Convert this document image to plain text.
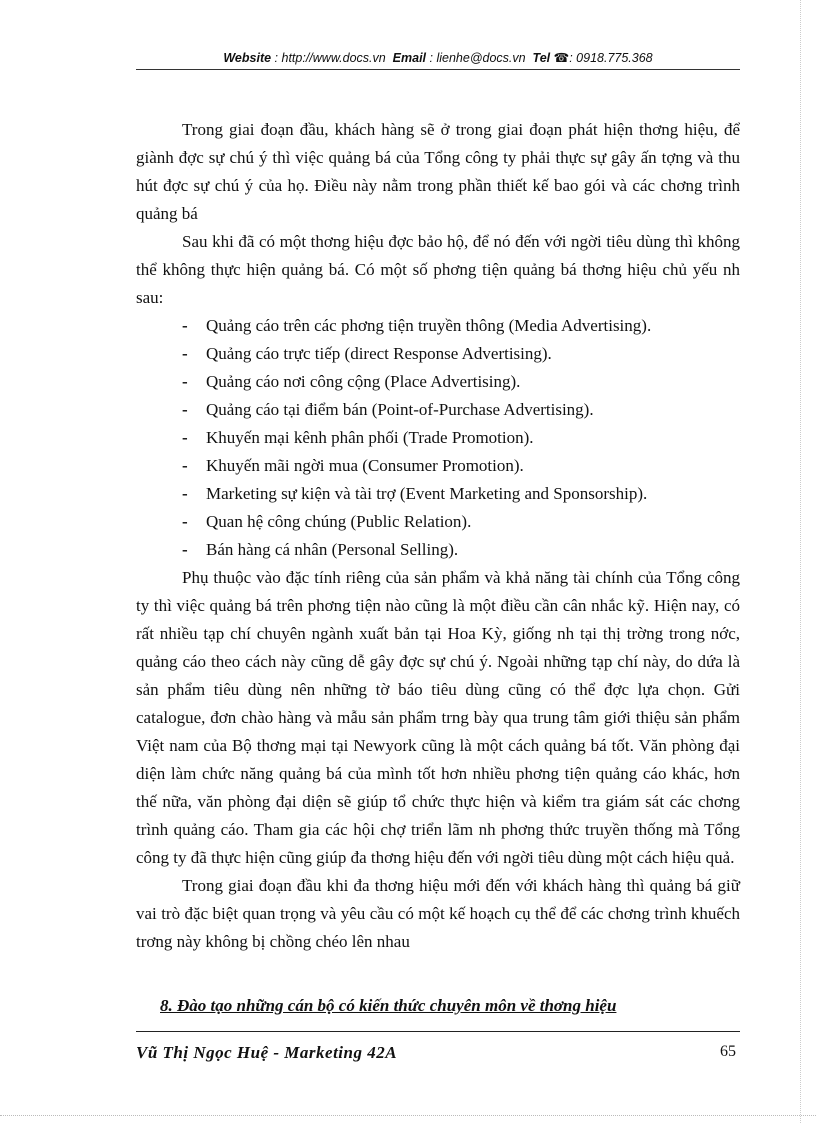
Website : http://www.docs.vn Email : lienhe@docs.vn Tel ☎: 0918.775.368

Trong giai đoạn đầu, khách hàng sẽ ở trong giai đoạn phát hiện thơng hiệu, để giành đợc sự chú ý thì việc quảng bá của Tổng công ty phải thực sự gây ấn tợng và thu hút đợc sự chú ý của họ. Điều này nằm trong phần thiết kế bao gói và các chơng trình quảng bá

Sau khi đã có một thơng hiệu đợc bảo hộ, để nó đến với ngời tiêu dùng thì không thể không thực hiện quảng bá. Có một số phơng tiện quảng bá thơng hiệu chủ yếu nh sau:

- Quảng cáo trên các phơng tiện truyền thông (Media Advertising).
- Quảng cáo trực tiếp (direct Response Advertising).
- Quảng cáo nơi công cộng (Place Advertising).
- Quảng cáo tại điểm bán (Point-of-Purchase Advertising).
- Khuyến mại kênh phân phối (Trade Promotion).
- Khuyến mãi ngời mua (Consumer Promotion).
- Marketing sự kiện và tài trợ (Event Marketing and Sponsorship).
- Quan hệ công chúng (Public Relation).
- Bán hàng cá nhân (Personal Selling).

Phụ thuộc vào đặc tính riêng của sản phẩm và khả năng tài chính của Tổng công ty thì việc quảng bá trên phơng tiện nào cũng là một điều cần cân nhắc kỹ. Hiện nay, có rất nhiều tạp chí chuyên ngành xuất bản tại Hoa Kỳ, giống nh tại thị trờng trong nớc, quảng cáo theo cách này cũng dễ gây đợc sự chú ý. Ngoài những tạp chí này, do dứa là sản phẩm tiêu dùng nên những tờ báo tiêu dùng cũng có thể đợc lựa chọn. Gửi catalogue, đơn chào hàng và mẫu sản phẩm trng bày qua trung tâm giới thiệu sản phẩm Việt nam của Bộ thơng mại tại Newyork cũng là một cách quảng bá tốt. Văn phòng đại diện làm chức năng quảng bá của mình tốt hơn nhiều phơng tiện quảng cáo khác, hơn thế nữa, văn phòng đại diện sẽ giúp tổ chức thực hiện và kiểm tra giám sát các chơng trình quảng cáo. Tham gia các hội chợ triển lãm nh phơng thức truyền thống mà Tổng công ty đã thực hiện cũng giúp đa thơng hiệu đến với ngời tiêu dùng một cách hiệu quả.

Trong giai đoạn đầu khi đa thơng hiệu mới đến với khách hàng thì quảng bá giữ vai trò đặc biệt quan trọng và yêu cầu có một kế hoạch cụ thể để các chơng trình khuếch trơng này không bị chồng chéo lên nhau

8. Đào tạo những cán bộ có kiến thức chuyên môn về thơng hiệu
Vũ Thị Ngọc Huệ - Marketing 42A	65
